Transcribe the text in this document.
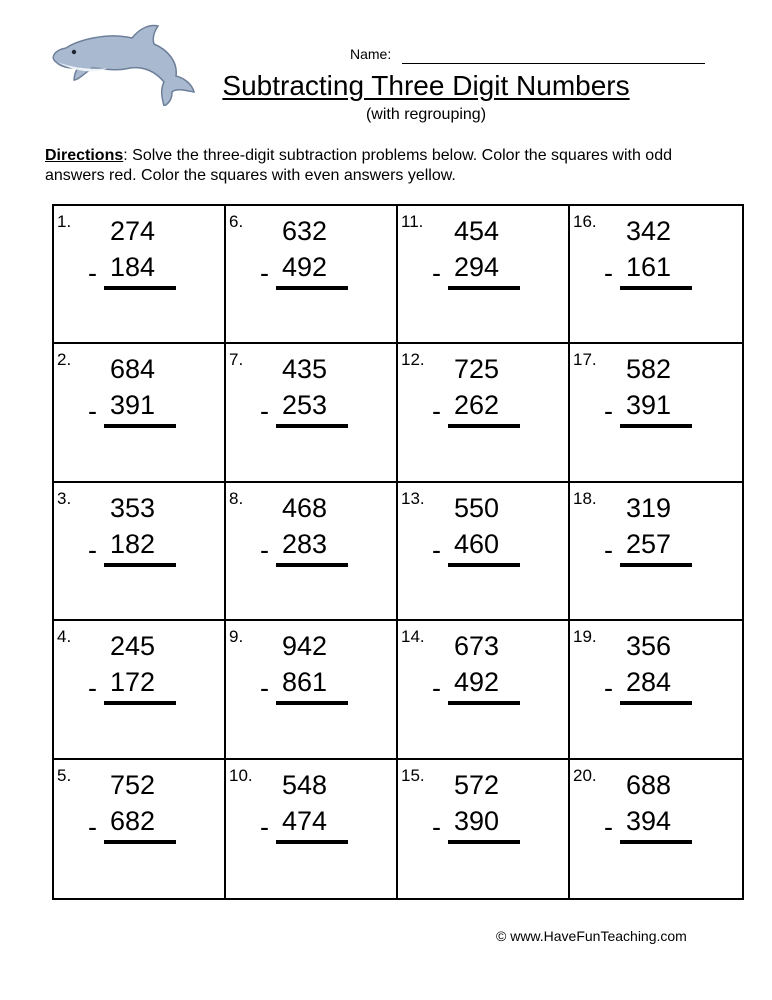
Name:
Subtracting Three Digit Numbers
(with regrouping)
Directions: Solve the three-digit subtraction problems below. Color the squares with odd answers red. Color the squares with even answers yellow.
1. 274
- 184
6. 632
- 492
11. 454
- 294
16. 342
- 161
2. 684
- 391
7. 435
- 253
12. 725
- 262
17. 582
- 391
3. 353
- 182
8. 468
- 283
13. 550
- 460
18. 319
- 257
4. 245
- 172
9. 942
- 861
14. 673
- 492
19. 356
- 284
5. 752
- 682
10. 548
- 474
15. 572
- 390
20. 688
- 394
© www.HaveFunTeaching.com
